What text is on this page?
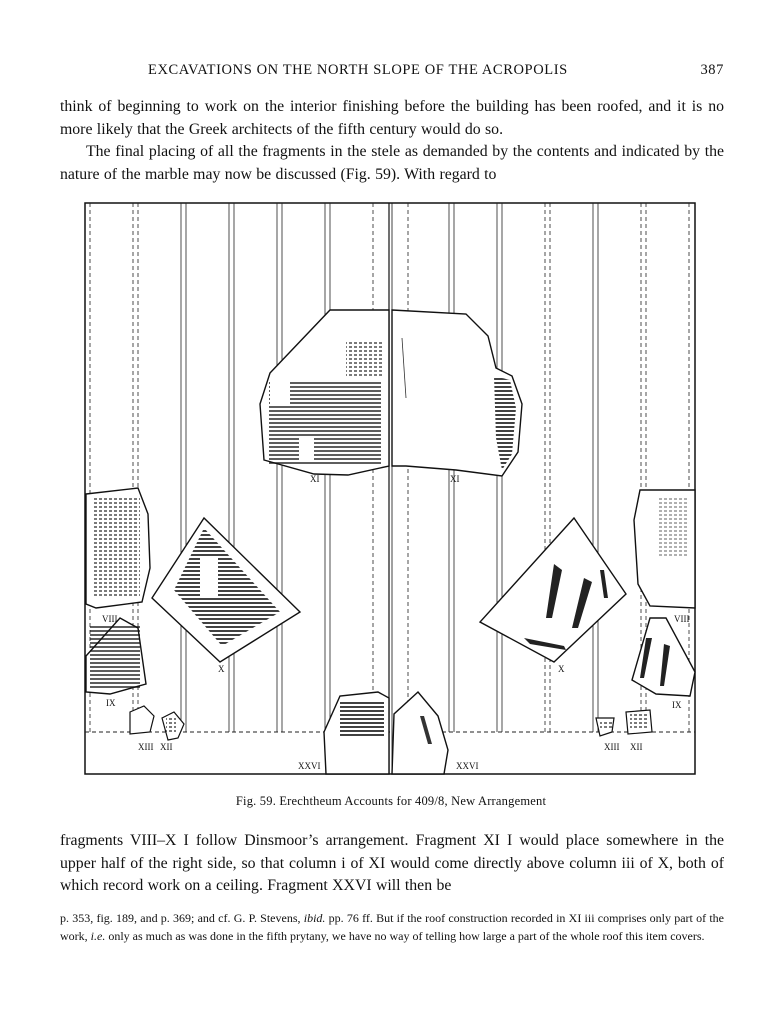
EXCAVATIONS ON THE NORTH SLOPE OF THE ACROPOLIS	387

think of beginning to work on the interior finishing before the building has been roofed, and it is no more likely that the Greek architects of the fifth century would do so.

The final placing of all the fragments in the stele as demanded by the contents and indicated by the nature of the marble may now be discussed (Fig. 59). With regard to

XI	XI
VIII	VIII
X	X
IX	IX
XIII XII	XIII XII
XXVI	XXVI
Fig. 59. Erechtheum Accounts for 409/8, New Arrangement

fragments VIII–X I follow Dinsmoor’s arrangement. Fragment XI I would place somewhere in the upper half of the right side, so that column i of XI would come directly above column iii of X, both of which record work on a ceiling. Fragment XXVI will then be

p. 353, fig. 189, and p. 369; and cf. G. P. Stevens, ibid. pp. 76 ff. But if the roof construction recorded in XI iii comprises only part of the work, i.e. only as much as was done in the fifth prytany, we have no way of telling how large a part of the whole roof this item covers.
